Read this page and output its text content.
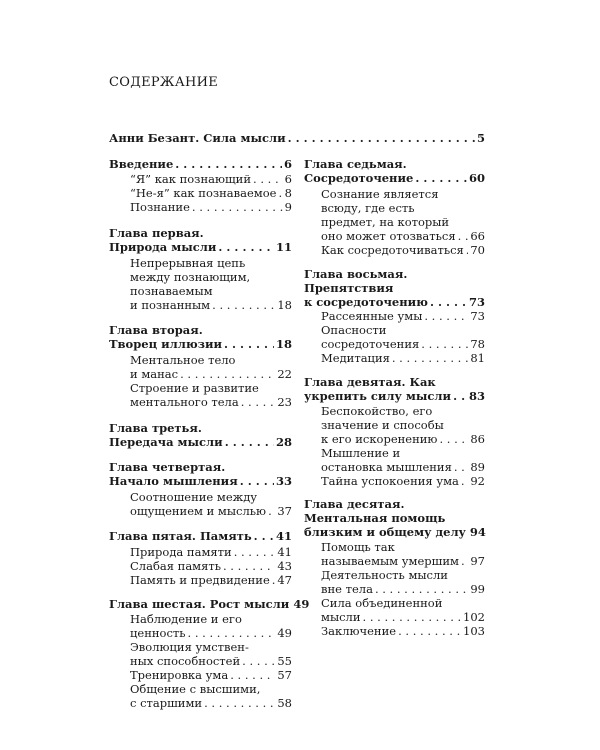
СОДЕРЖАНИЕ
Анни Безант. Сила мысли . . .	5
Введение . . .	6
“Я” как познающий . . .	6
“Не-я” как познаваемое . . . 8
Познание . . .	9
Глава первая.
Природа мысли . . .	11
Непрерывная цепь
между познающим,
познаваемым
и познанным . . .	18
Глава вторая.
Творец иллюзии . . .	18
Ментальное тело
и манас . . .	22
Строение и развитие
ментального тела . . .	23
Глава третья.
Передача мысли . . .	28
Глава четвертая.
Начало мышления . . .	33
Соотношение между
ощущением и мыслью . . . 37
Глава пятая. Память . . . 41
Природа памяти . . .	41
Слабая память . . .	43
Память и предвидение . . . 47
Глава шестая. Рост мысли 49
Наблюдение и его
ценность . . .	49
Эволюция умствен-
ных способностей . . .	55
Тренировка ума . . .	57
Общение с высшими,
с старшими . . .	58
Глава седьмая.
Сосредоточение . . .	60
Сознание является
всюду, где есть
предмет, на который
оно может отозваться . . . 66
Как сосредоточиваться . . . 70
Глава восьмая.
Препятствия
к сосредоточению . . .	73
Рассеянные умы . . .	73
Опасности
сосредоточения . . .	78
Медитация . . .	81
Глава девятая. Как
укрепить силу мысли . . . 83
Беспокойство, его
значение и способы
к его искоренению . . .	86
Мышление и
остановка мышления . . . 89
Тайна успокоения ума . . . 92
Глава десятая.
Ментальная помощь
близким и общему делу 94
Помощь так
называемым умершим . . . 97
Деятельность мысли
вне тела . . .	99
Сила объединенной
мысли . . .	102
Заключение . . .	103
